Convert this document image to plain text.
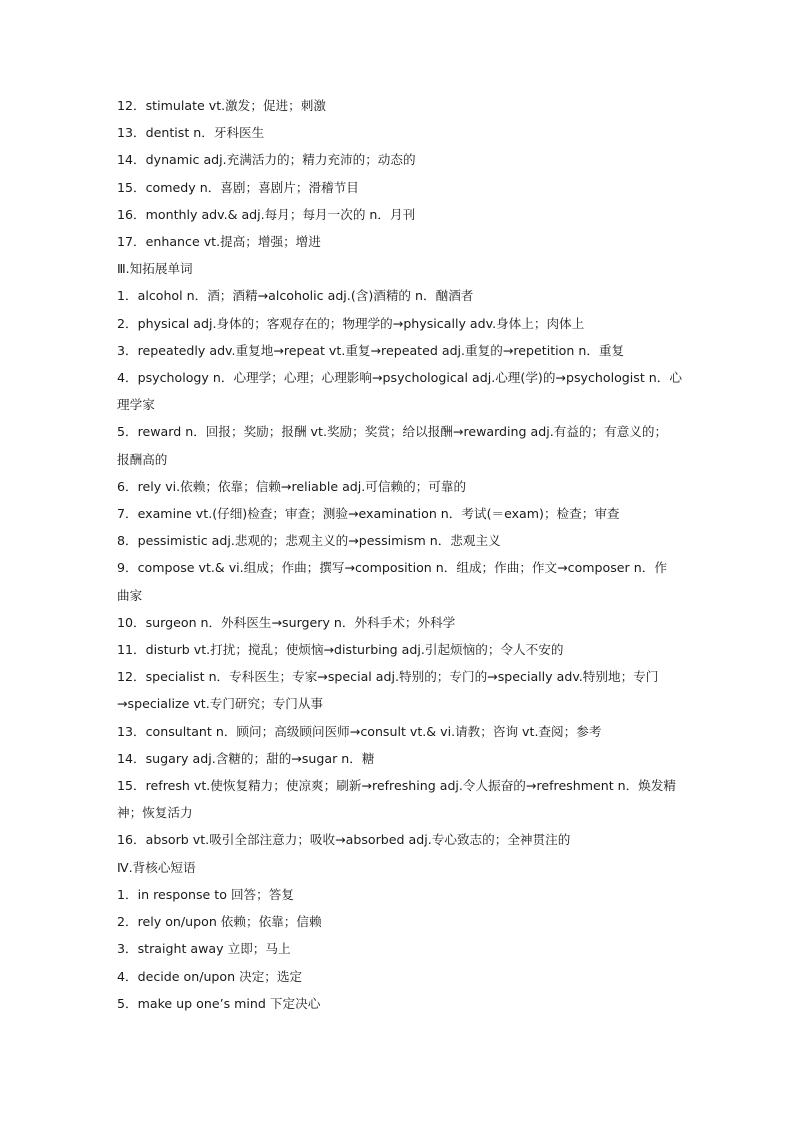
12．stimulate vt.激发；促进；刺激
13．dentist n．牙科医生
14．dynamic adj.充满活力的；精力充沛的；动态的
15．comedy n．喜剧；喜剧片；滑稽节目
16．monthly adv.& adj.每月；每月一次的 n．月刊
17．enhance vt.提高；增强；增进
Ⅲ.知拓展单词
1．alcohol n．酒；酒精→alcoholic adj.(含)酒精的 n．酗酒者
2．physical adj.身体的；客观存在的；物理学的→physically adv.身体上；肉体上
3．repeatedly adv.重复地→repeat vt.重复→repeated adj.重复的→repetition n．重复
4．psychology n．心理学；心理；心理影响→psychological adj.心理(学)的→psychologist n．心
理学家
5．reward n．回报；奖励；报酬 vt.奖励；奖赏；给以报酬→rewarding adj.有益的；有意义的；
报酬高的
6．rely vi.依赖；依靠；信赖→reliable adj.可信赖的；可靠的
7．examine vt.(仔细)检查；审查；测验→examination n．考试(＝exam)；检查；审查
8．pessimistic adj.悲观的；悲观主义的→pessimism n．悲观主义
9．compose vt.& vi.组成；作曲；撰写→composition n．组成；作曲；作文→composer n．作
曲家
10．surgeon n．外科医生→surgery n．外科手术；外科学
11．disturb vt.打扰；搅乱；使烦恼→disturbing adj.引起烦恼的；令人不安的
12．specialist n．专科医生；专家→special adj.特别的；专门的→specially adv.特别地；专门
→specialize vt.专门研究；专门从事
13．consultant n．顾问；高级顾问医师→consult vt.& vi.请教；咨询 vt.查阅；参考
14．sugary adj.含糖的；甜的→sugar n．糖
15．refresh vt.使恢复精力；使凉爽；刷新→refreshing adj.令人振奋的→refreshment n．焕发精
神；恢复活力
16．absorb vt.吸引全部注意力；吸收→absorbed adj.专心致志的；全神贯注的
Ⅳ.背核心短语
1．in response to 回答；答复
2．rely on/upon 依赖；依靠；信赖
3．straight away 立即；马上
4．decide on/upon 决定；选定
5．make up one’s mind 下定决心
